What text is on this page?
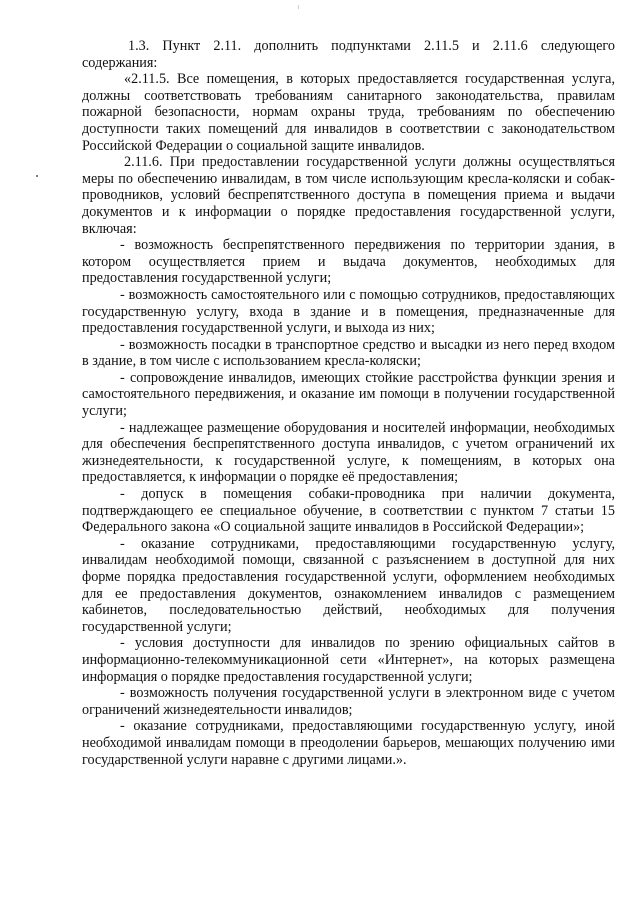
1.3. Пункт 2.11. дополнить подпунктами 2.11.5 и 2.11.6 следующего содержания:

«2.11.5. Все помещения, в которых предоставляется государственная услуга, должны соответствовать требованиям санитарного законодательства, правилам пожарной безопасности, нормам охраны труда, требованиям по обеспечению доступности таких помещений для инвалидов в соответствии с законодательством Российской Федерации о социальной защите инвалидов.

2.11.6. При предоставлении государственной услуги должны осуществляться меры по обеспечению инвалидам, в том числе использующим кресла-коляски и собак-проводников, условий беспрепятственного доступа в помещения приема и выдачи документов и к информации о порядке предоставления государственной услуги, включая:

- возможность беспрепятственного передвижения по территории здания, в котором осуществляется прием и выдача документов, необходимых для предоставления государственной услуги;

- возможность самостоятельного или с помощью сотрудников, предоставляющих государственную услугу, входа в здание и в помещения, предназначенные для предоставления государственной услуги, и выхода из них;

- возможность посадки в транспортное средство и высадки из него перед входом в здание, в том числе с использованием кресла-коляски;

- сопровождение инвалидов, имеющих стойкие расстройства функции зрения и самостоятельного передвижения, и оказание им помощи в получении государственной услуги;

- надлежащее размещение оборудования и носителей информации, необходимых для обеспечения беспрепятственного доступа инвалидов, с учетом ограничений их жизнедеятельности, к государственной услуге, к помещениям, в которых она предоставляется, к информации о порядке её предоставления;

- допуск в помещения собаки-проводника при наличии документа, подтверждающего ее специальное обучение, в соответствии с пунктом 7 статьи 15 Федерального закона «О социальной защите инвалидов в Российской Федерации»;

- оказание сотрудниками, предоставляющими государственную услугу, инвалидам необходимой помощи, связанной с разъяснением в доступной для них форме порядка предоставления государственной услуги, оформлением необходимых для ее предоставления документов, ознакомлением инвалидов с размещением кабинетов, последовательностью действий, необходимых для получения государственной услуги;

- условия доступности для инвалидов по зрению официальных сайтов в информационно-телекоммуникационной сети «Интернет», на которых размещена информация о порядке предоставления государственной услуги;

- возможность получения государственной услуги в электронном виде с учетом ограничений жизнедеятельности инвалидов;

- оказание сотрудниками, предоставляющими государственную услугу, иной необходимой инвалидам помощи в преодолении барьеров, мешающих получению ими государственной услуги наравне с другими лицами.».
